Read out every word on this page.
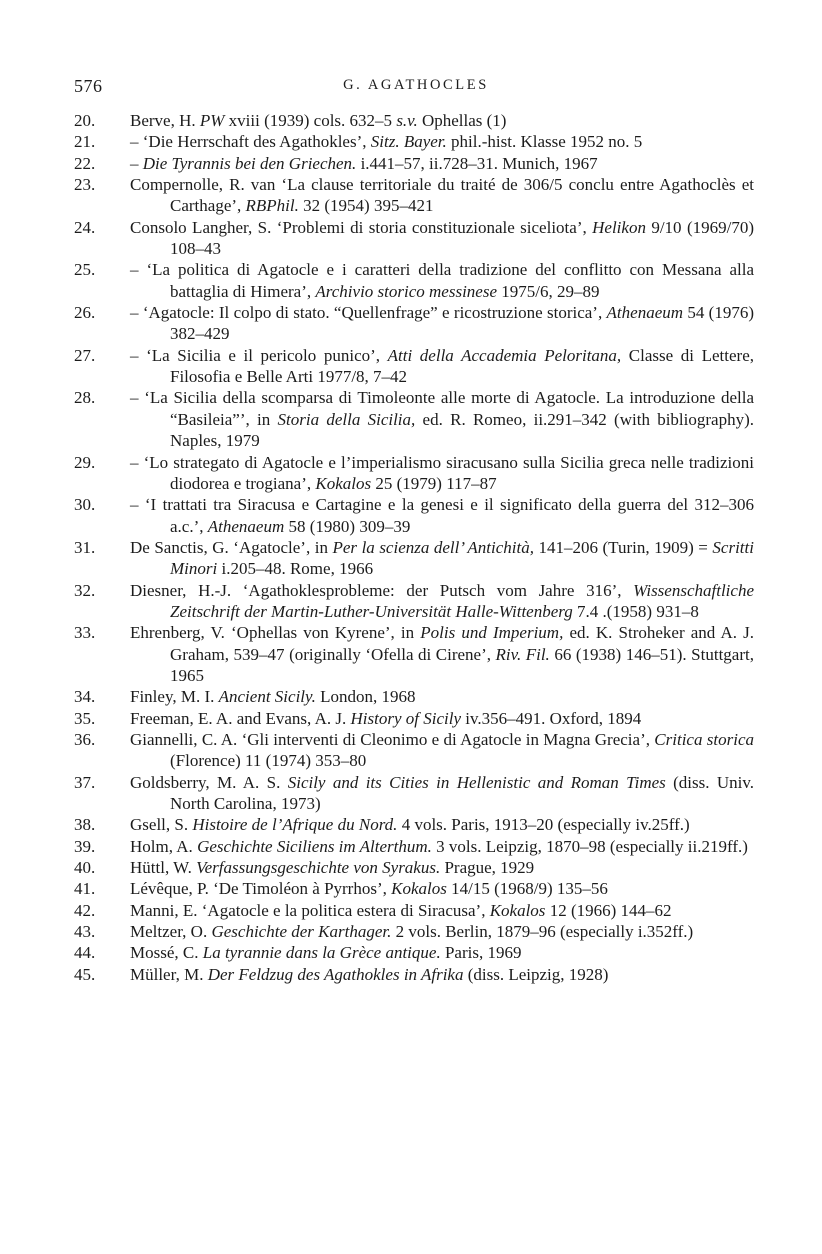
576	G. AGATHOCLES
20.	Berve, H. PW xviii (1939) cols. 632–5 s.v. Ophellas (1)
21.	– ‘Die Herrschaft des Agathokles’, Sitz. Bayer. phil.-hist. Klasse 1952 no. 5
22.	– Die Tyrannis bei den Griechen. i.441–57, ii.728–31. Munich, 1967
23.	Compernolle, R. van ‘La clause territoriale du traité de 306/5 conclu entre Agathoclès et Carthage’, RBPhil. 32 (1954) 395–421
24.	Consolo Langher, S. ‘Problemi di storia constituzionale siceliota’, Helikon 9/10 (1969/70) 108–43
25.	– ‘La politica di Agatocle e i caratteri della tradizione del conflitto con Messana alla battaglia di Himera’, Archivio storico messinese 1975/6, 29–89
26.	– ‘Agatocle: Il colpo di stato. “Quellenfrage” e ricostruzione storica’, Athenaeum 54 (1976) 382–429
27.	– ‘La Sicilia e il pericolo punico’, Atti della Accademia Peloritana, Classe di Lettere, Filosofia e Belle Arti 1977/8, 7–42
28.	– ‘La Sicilia della scomparsa di Timoleonte alle morte di Agatocle. La introduzione della “Basileia”’, in Storia della Sicilia, ed. R. Romeo, ii.291–342 (with bibliography). Naples, 1979
29.	– ‘Lo strategato di Agatocle e l’imperialismo siracusano sulla Sicilia greca nelle tradizioni diodorea e trogiana’, Kokalos 25 (1979) 117–87
30.	– ‘I trattati tra Siracusa e Cartagine e la genesi e il significato della guerra del 312–306 a.c.’, Athenaeum 58 (1980) 309–39
31.	De Sanctis, G. ‘Agatocle’, in Per la scienza dell’ Antichità, 141–206 (Turin, 1909) = Scritti Minori i.205–48. Rome, 1966
32.	Diesner, H.-J. ‘Agathoklesprobleme: der Putsch vom Jahre 316’, Wissenschaftliche Zeitschrift der Martin-Luther-Universität Halle-Wittenberg 7.4 .(1958) 931–8
33.	Ehrenberg, V. ‘Ophellas von Kyrene’, in Polis und Imperium, ed. K. Stroheker and A. J. Graham, 539–47 (originally ‘Ofella di Cirene’, Riv. Fil. 66 (1938) 146–51). Stuttgart, 1965
34.	Finley, M. I. Ancient Sicily. London, 1968
35.	Freeman, E. A. and Evans, A. J. History of Sicily iv.356–491. Oxford, 1894
36.	Giannelli, C. A. ‘Gli interventi di Cleonimo e di Agatocle in Magna Grecia’, Critica storica (Florence) 11 (1974) 353–80
37.	Goldsberry, M. A. S. Sicily and its Cities in Hellenistic and Roman Times (diss. Univ. North Carolina, 1973)
38.	Gsell, S. Histoire de l’Afrique du Nord. 4 vols. Paris, 1913–20 (especially iv.25ff.)
39.	Holm, A. Geschichte Siciliens im Alterthum. 3 vols. Leipzig, 1870–98 (especially ii.219ff.)
40.	Hüttl, W. Verfassungsgeschichte von Syrakus. Prague, 1929
41.	Lévêque, P. ‘De Timoléon à Pyrrhos’, Kokalos 14/15 (1968/9) 135–56
42.	Manni, E. ‘Agatocle e la politica estera di Siracusa’, Kokalos 12 (1966) 144–62
43.	Meltzer, O. Geschichte der Karthager. 2 vols. Berlin, 1879–96 (especially i.352ff.)
44.	Mossé, C. La tyrannie dans la Grèce antique. Paris, 1969
45.	Müller, M. Der Feldzug des Agathokles in Afrika (diss. Leipzig, 1928)
